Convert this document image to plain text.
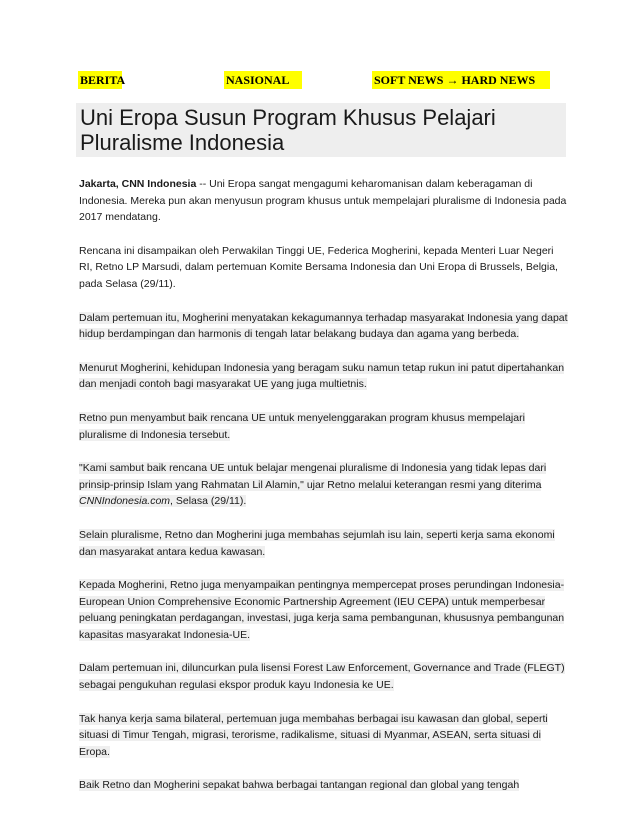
BERITA	NASIONAL	SOFT NEWS → HARD NEWS
Uni Eropa Susun Program Khusus Pelajari Pluralisme Indonesia

Jakarta, CNN Indonesia -- Uni Eropa sangat mengagumi keharomanisan dalam keberagaman di Indonesia. Mereka pun akan menyusun program khusus untuk mempelajari pluralisme di Indonesia pada 2017 mendatang.

Rencana ini disampaikan oleh Perwakilan Tinggi UE, Federica Mogherini, kepada Menteri Luar Negeri RI, Retno LP Marsudi, dalam pertemuan Komite Bersama Indonesia dan Uni Eropa di Brussels, Belgia, pada Selasa (29/11).

Dalam pertemuan itu, Mogherini menyatakan kekagumannya terhadap masyarakat Indonesia yang dapat hidup berdampingan dan harmonis di tengah latar belakang budaya dan agama yang berbeda.

Menurut Mogherini, kehidupan Indonesia yang beragam suku namun tetap rukun ini patut dipertahankan dan menjadi contoh bagi masyarakat UE yang juga multietnis.

Retno pun menyambut baik rencana UE untuk menyelenggarakan program khusus mempelajari pluralisme di Indonesia tersebut.

"Kami sambut baik rencana UE untuk belajar mengenai pluralisme di Indonesia yang tidak lepas dari prinsip-prinsip Islam yang Rahmatan Lil Alamin," ujar Retno melalui keterangan resmi yang diterima CNNIndonesia.com, Selasa (29/11).

Selain pluralisme, Retno dan Mogherini juga membahas sejumlah isu lain, seperti kerja sama ekonomi dan masyarakat antara kedua kawasan.

Kepada Mogherini, Retno juga menyampaikan pentingnya mempercepat proses perundingan Indonesia-European Union Comprehensive Economic Partnership Agreement (IEU CEPA) untuk memperbesar peluang peningkatan perdagangan, investasi, juga kerja sama pembangunan, khususnya pembangunan kapasitas masyarakat Indonesia-UE.

Dalam pertemuan ini, diluncurkan pula lisensi Forest Law Enforcement, Governance and Trade (FLEGT) sebagai pengukuhan regulasi ekspor produk kayu Indonesia ke UE.

Tak hanya kerja sama bilateral, pertemuan juga membahas berbagai isu kawasan dan global, seperti situasi di Timur Tengah, migrasi, terorisme, radikalisme, situasi di Myanmar, ASEAN, serta situasi di Eropa.

Baik Retno dan Mogherini sepakat bahwa berbagai tantangan regional dan global yang tengah
